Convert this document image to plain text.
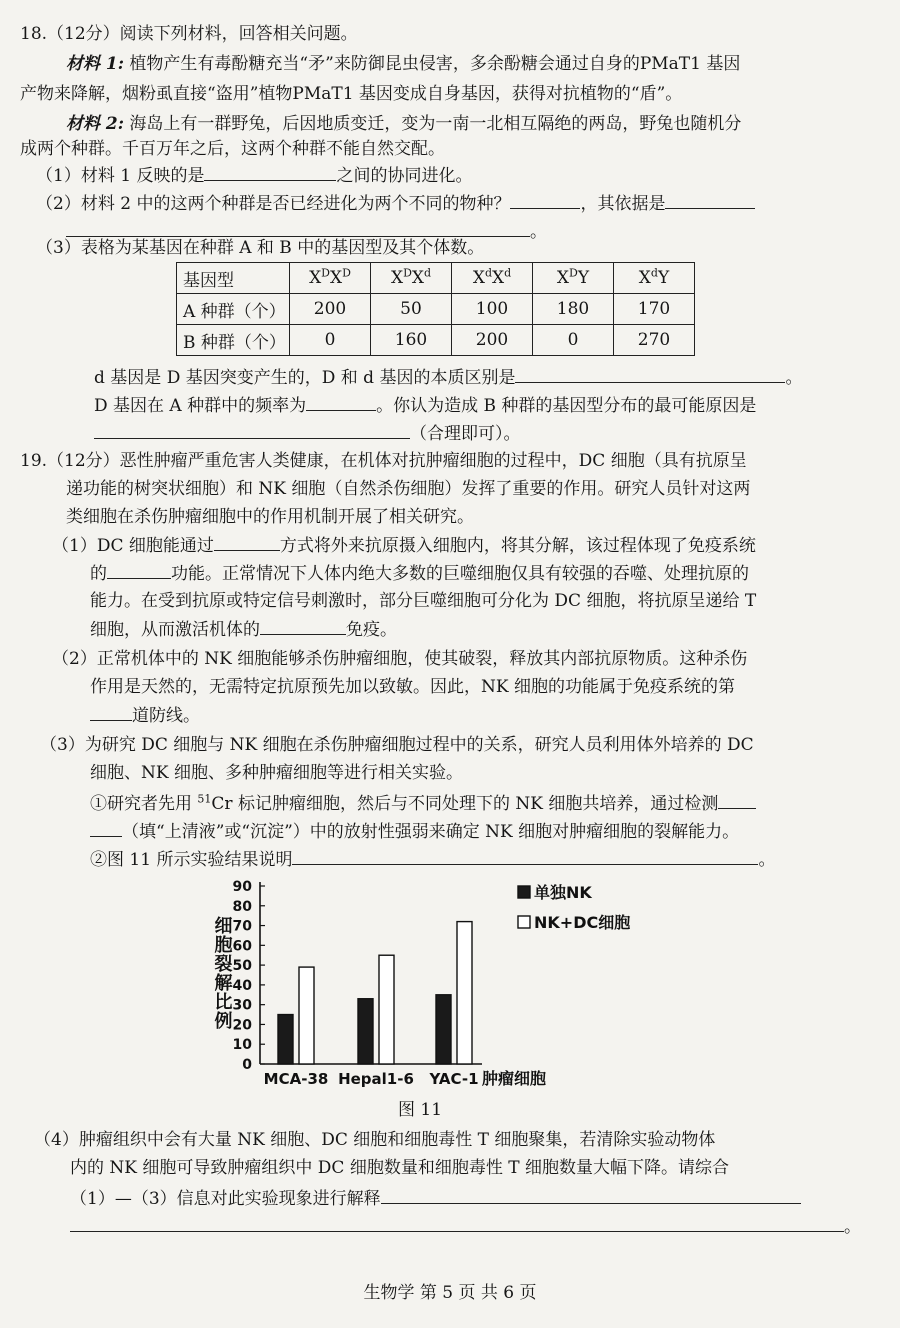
18.（12分）阅读下列材料，回答相关问题。
材料 1: 植物产生有毒酚糖充当“矛”来防御昆虫侵害，多余酚糖会通过自身的PMaT1 基因
产物来降解，烟粉虱直接“盗用”植物PMaT1 基因变成自身基因，获得对抗植物的“盾”。
材料 2: 海岛上有一群野兔，后因地质变迁，变为一南一北相互隔绝的两岛，野兔也随机分
成两个种群。千百万年之后，这两个种群不能自然交配。
（1）材料 1 反映的是	之间的协同进化。
（2）材料 2 中的这两个种群是否已经进化为两个不同的物种？	，其依据是
。
（3）表格为某基因在种群 A 和 B 中的基因型及其个体数。
基因型	$X^DX^D$	$X^DX^d$	$X^dX^d$	$X^DY$	$X^dY$
A 种群（个）	200	50	100	180	170
B 种群（个）	0	160	200	0	270
d 基因是 D 基因突变产生的，D 和 d 基因的本质区别是	。
D 基因在 A 种群中的频率为	。你认为造成 B 种群的基因型分布的最可能原因是
（合理即可）。
19.（12分）恶性肿瘤严重危害人类健康，在机体对抗肿瘤细胞的过程中，DC 细胞（具有抗原呈
递功能的树突状细胞）和 NK 细胞（自然杀伤细胞）发挥了重要的作用。研究人员针对这两
类细胞在杀伤肿瘤细胞中的作用机制开展了相关研究。
（1）DC 细胞能通过	方式将外来抗原摄入细胞内，将其分解，该过程体现了免疫系统
的	功能。正常情况下人体内绝大多数的巨噬细胞仅具有较强的吞噬、处理抗原的
能力。在受到抗原或特定信号刺激时，部分巨噬细胞可分化为 DC 细胞，将抗原呈递给 T
细胞，从而激活机体的	免疫。
（2）正常机体中的 NK 细胞能够杀伤肿瘤细胞，使其破裂，释放其内部抗原物质。这种杀伤
作用是天然的，无需特定抗原预先加以致敏。因此，NK 细胞的功能属于免疫系统的第
道防线。
（3）为研究 DC 细胞与 NK 细胞在杀伤肿瘤细胞过程中的关系，研究人员利用体外培养的 DC
细胞、NK 细胞、多种肿瘤细胞等进行相关实验。
①研究者先用 $^{51}$Cr 标记肿瘤细胞，然后与不同处理下的 NK 细胞共培养，通过检测
（填“上清液”或“沉淀”）中的放射性强弱来确定 NK 细胞对肿瘤细胞的裂解能力。
②图 11 所示实验结果说明	。
0
10
20
30
40
50
60
70
80
90
细胞裂解比例
MCA-38 Hepal1-6 YAC-1 肿瘤细胞
单独NK
NK+DC细胞
图 11
（4）肿瘤组织中会有大量 NK 细胞、DC 细胞和细胞毒性 T 细胞聚集，若清除实验动物体
内的 NK 细胞可导致肿瘤组织中 DC 细胞数量和细胞毒性 T 细胞数量大幅下降。请综合
（1）—（3）信息对此实验现象进行解释
。
生物学 第 5 页 共 6 页
